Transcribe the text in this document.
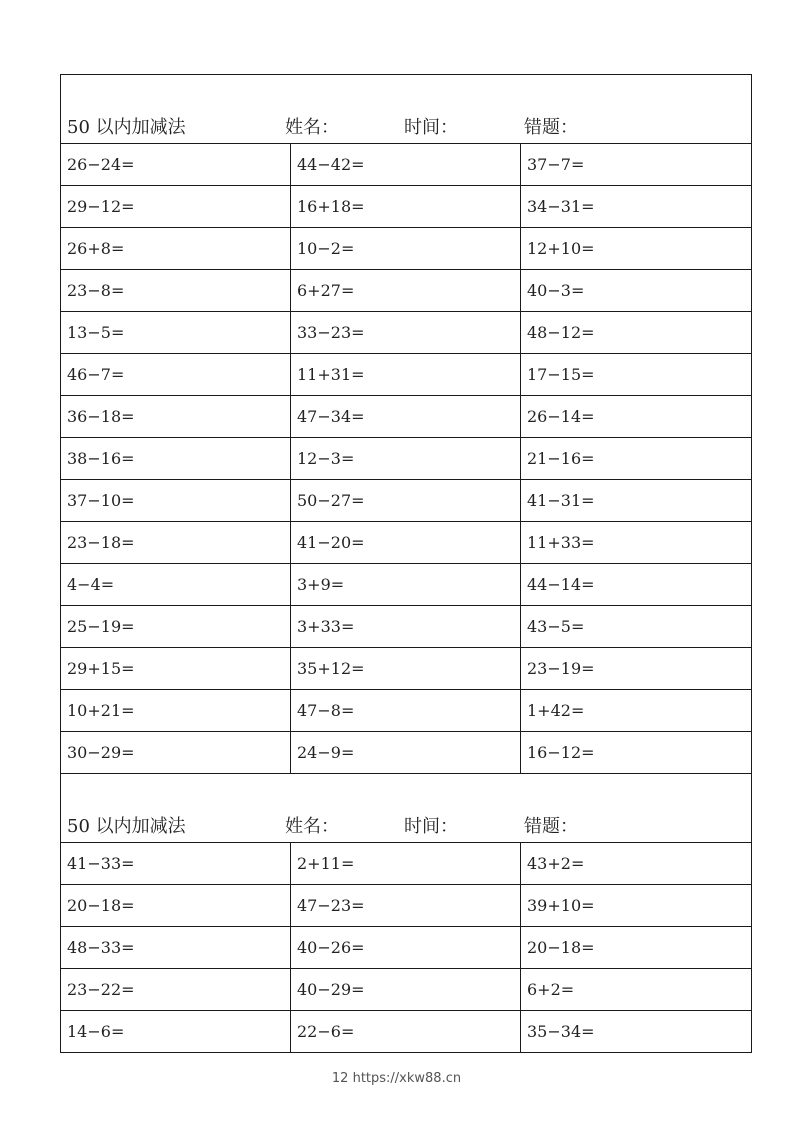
50 以内加减法 姓名： 时间： 错题：		

26−24=	44−42=	37−7=
29−12=	16+18=	34−31=
26+8=	10−2=	12+10=
23−8=	6+27=	40−3=
13−5=	33−23=	48−12=
46−7=	11+31=	17−15=
36−18=	47−34=	26−14=
38−16=	12−3=	21−16=
37−10=	50−27=	41−31=
23−18=	41−20=	11+33=
4−4=	3+9=	44−14=
25−19=	3+33=	43−5=
29+15=	35+12=	23−19=
10+21=	47−8=	1+42=
30−29=	24−9=	16−12=

50 以内加减法 姓名： 时间： 错题：		

41−33=	2+11=	43+2=
20−18=	47−23=	39+10=
48−33=	40−26=	20−18=
23−22=	40−29=	6+2=
14−6=	22−6=	35−34=
12 https://xkw88.cn
